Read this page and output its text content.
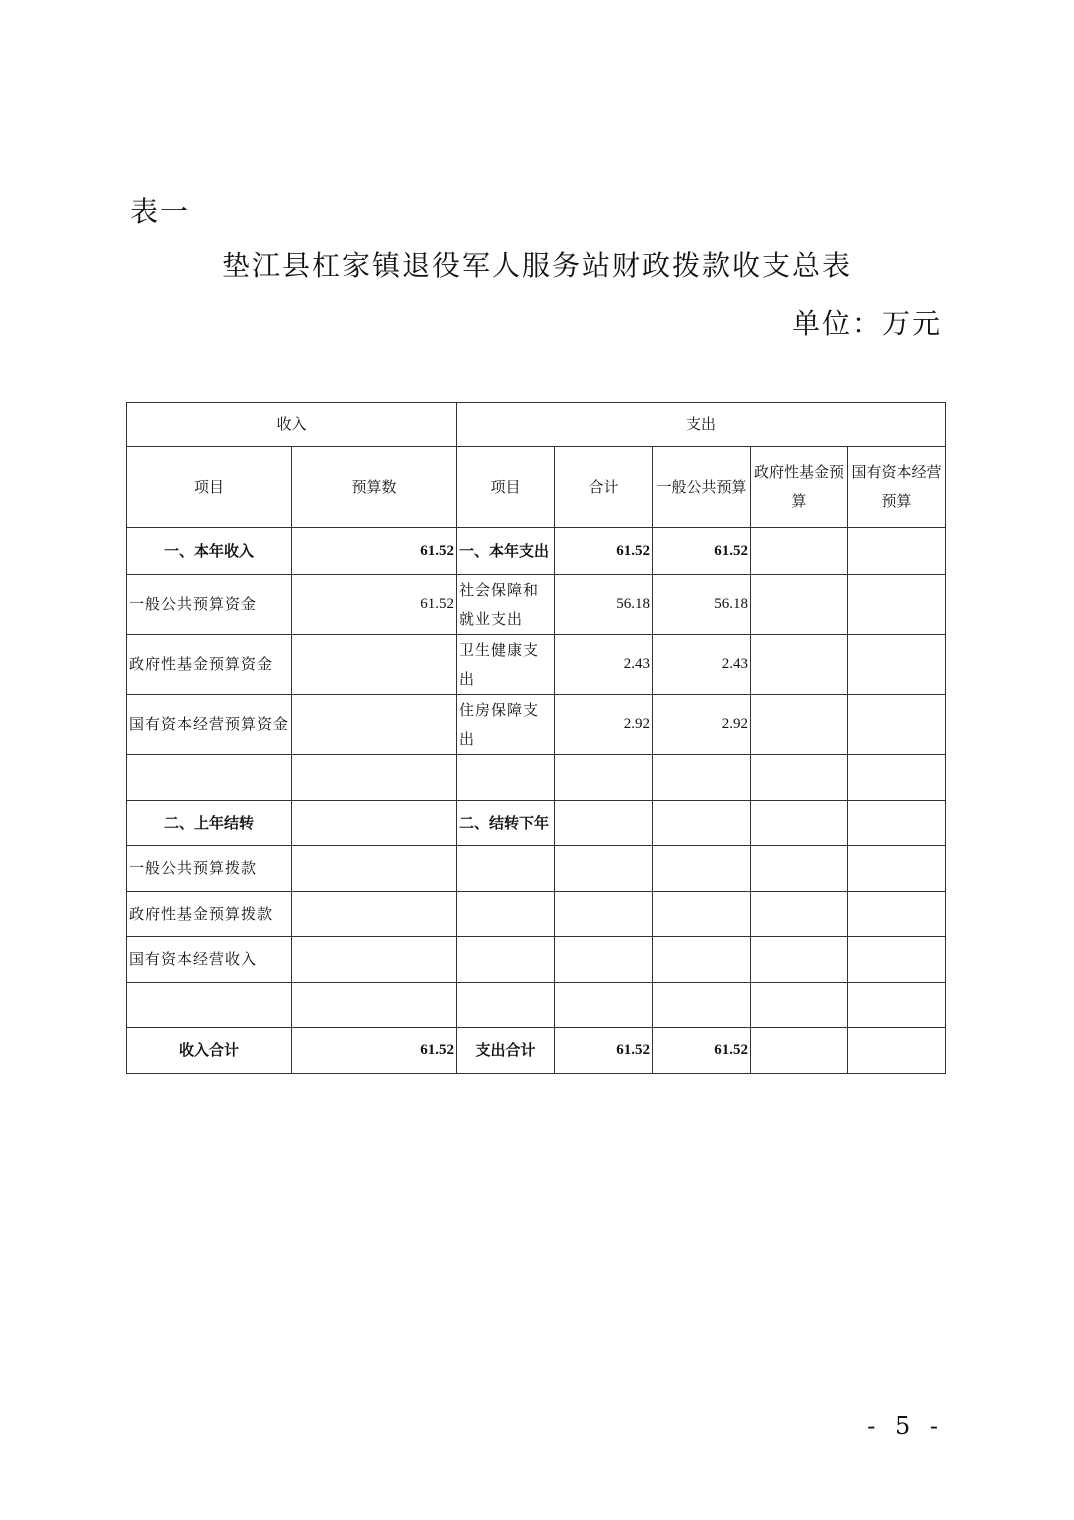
表一
垫江县杠家镇退役军人服务站财政拨款收支总表
单位：万元
收入		支出				
项目	预算数	项目	合计	一般公共预算	政府性基金预算	国有资本经营预算
一、本年收入	61.52	一、本年支出	61.52	61.52		
一般公共预算资金	61.52	社会保障和就业支出	56.18	56.18		
政府性基金预算资金		卫生健康支出	2.43	2.43		
国有资本经营预算资金		住房保障支出	2.92	2.92		

二、上年结转		二、结转下年				
一般公共预算拨款						
政府性基金预算拨款						
国有资本经营收入						

收入合计	61.52	支出合计	61.52	61.52		
- 5 -
